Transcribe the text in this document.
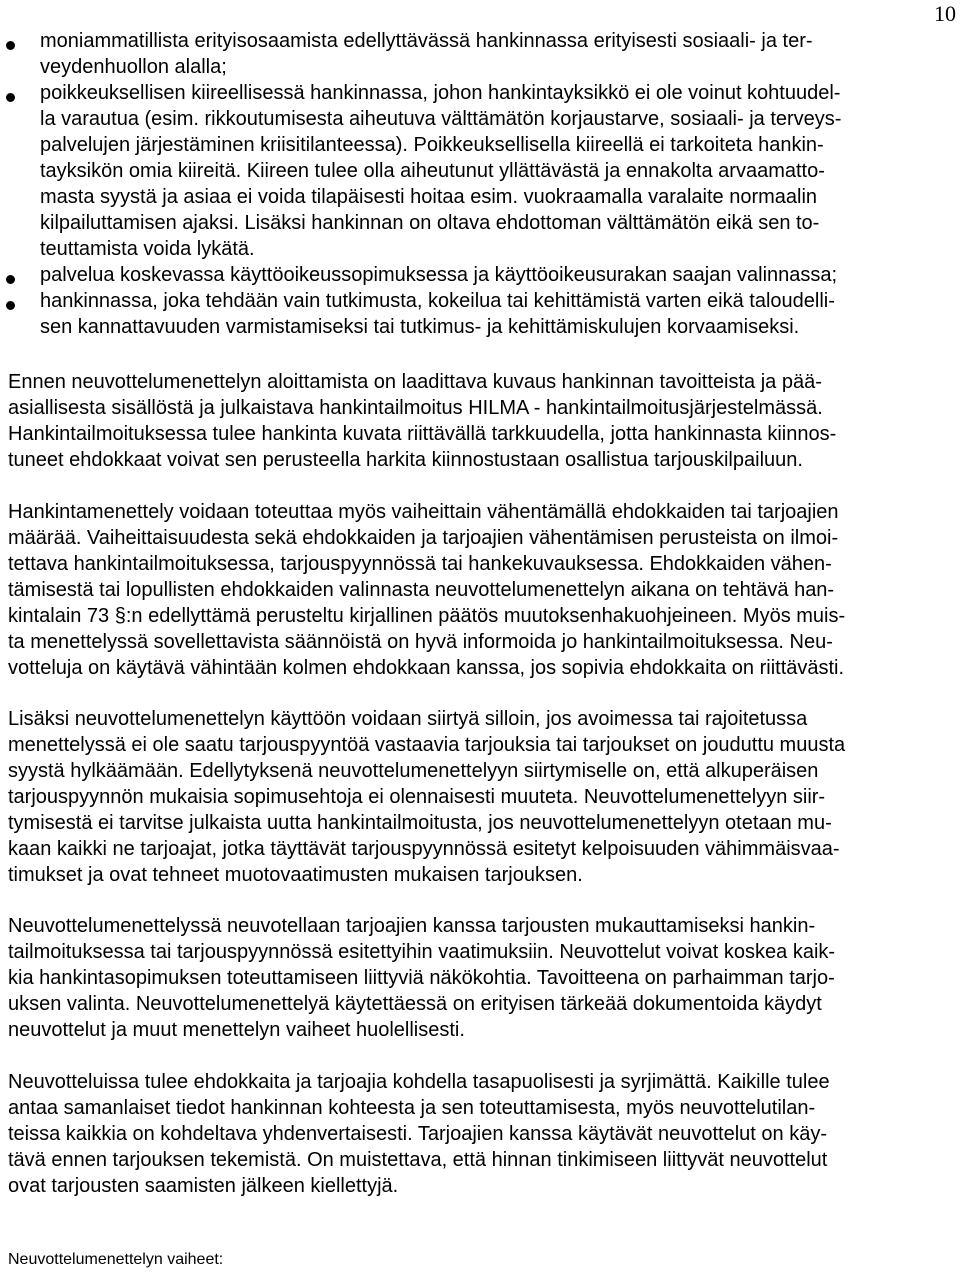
10
moniammatillista erityisosaamista edellyttävässä hankinnassa erityisesti sosiaali- ja ter-
veydenhuollon alalla;
poikkeuksellisen kiireellisessä hankinnassa, johon hankintayksikkö ei ole voinut kohtuudel-
la varautua (esim. rikkoutumisesta aiheutuva välttämätön korjaustarve, sosiaali- ja terveys-
palvelujen järjestäminen kriisitilanteessa). Poikkeuksellisella kiireellä ei tarkoiteta hankin-
tayksikön omia kiireitä. Kiireen tulee olla aiheutunut yllättävästä ja ennakolta arvaamatto-
masta syystä ja asiaa ei voida tilapäisesti hoitaa esim. vuokraamalla varalaite normaalin
kilpailuttamisen ajaksi. Lisäksi hankinnan on oltava ehdottoman välttämätön eikä sen to-
teuttamista voida lykätä.
palvelua koskevassa käyttöoikeussopimuksessa ja käyttöoikeusurakan saajan valinnassa;
hankinnassa, joka tehdään vain tutkimusta, kokeilua tai kehittämistä varten eikä taloudelli-
sen kannattavuuden varmistamiseksi tai tutkimus- ja kehittämiskulujen korvaamiseksi.
Ennen neuvottelumenettelyn aloittamista on laadittava kuvaus hankinnan tavoitteista ja pää-
asiallisesta sisällöstä ja julkaistava hankintailmoitus HILMA - hankintailmoitusjärjestelmässä.
Hankintailmoituksessa tulee hankinta kuvata riittävällä tarkkuudella, jotta hankinnasta kiinnos-
tuneet ehdokkaat voivat sen perusteella harkita kiinnostustaan osallistua tarjouskilpailuun.
Hankintamenettely voidaan toteuttaa myös vaiheittain vähentämällä ehdokkaiden tai tarjoajien
määrää. Vaiheittaisuudesta sekä ehdokkaiden ja tarjoajien vähentämisen perusteista on ilmoi-
tettava hankintailmoituksessa, tarjouspyynnössä tai hankekuvauksessa. Ehdokkaiden vähen-
tämisestä tai lopullisten ehdokkaiden valinnasta neuvottelumenettelyn aikana on tehtävä han-
kintalain 73 §:n edellyttämä perusteltu kirjallinen päätös muutoksenhakuohjeineen. Myös muis-
ta menettelyssä sovellettavista säännöistä on hyvä informoida jo hankintailmoituksessa. Neu-
votteluja on käytävä vähintään kolmen ehdokkaan kanssa, jos sopivia ehdokkaita on riittävästi.
Lisäksi neuvottelumenettelyn käyttöön voidaan siirtyä silloin, jos avoimessa tai rajoitetussa
menettelyssä ei ole saatu tarjouspyyntöä vastaavia tarjouksia tai tarjoukset on jouduttu muusta
syystä hylkäämään. Edellytyksenä neuvottelumenettelyyn siirtymiselle on, että alkuperäisen
tarjouspyynnön mukaisia sopimusehtoja ei olennaisesti muuteta. Neuvottelumenettelyyn siir-
tymisestä ei tarvitse julkaista uutta hankintailmoitusta, jos neuvottelumenettelyyn otetaan mu-
kaan kaikki ne tarjoajat, jotka täyttävät tarjouspyynnössä esitetyt kelpoisuuden vähimmäisvaa-
timukset ja ovat tehneet muotovaatimusten mukaisen tarjouksen.
Neuvottelumenettelyssä neuvotellaan tarjoajien kanssa tarjousten mukauttamiseksi hankin-
tailmoituksessa tai tarjouspyynnössä esitettyihin vaatimuksiin. Neuvottelut voivat koskea kaik-
kia hankintasopimuksen toteuttamiseen liittyviä näkökohtia. Tavoitteena on parhaimman tarjo-
uksen valinta. Neuvottelumenettelyä käytettäessä on erityisen tärkeää dokumentoida käydyt
neuvottelut ja muut menettelyn vaiheet huolellisesti.
Neuvotteluissa tulee ehdokkaita ja tarjoajia kohdella tasapuolisesti ja syrjimättä. Kaikille tulee
antaa samanlaiset tiedot hankinnan kohteesta ja sen toteuttamisesta, myös neuvottelutilan-
teissa kaikkia on kohdeltava yhdenvertaisesti. Tarjoajien kanssa käytävät neuvottelut on käy-
tävä ennen tarjouksen tekemistä. On muistettava, että hinnan tinkimiseen liittyvät neuvottelut
ovat tarjousten saamisten jälkeen kiellettyjä.
Neuvottelumenettelyn vaiheet:
